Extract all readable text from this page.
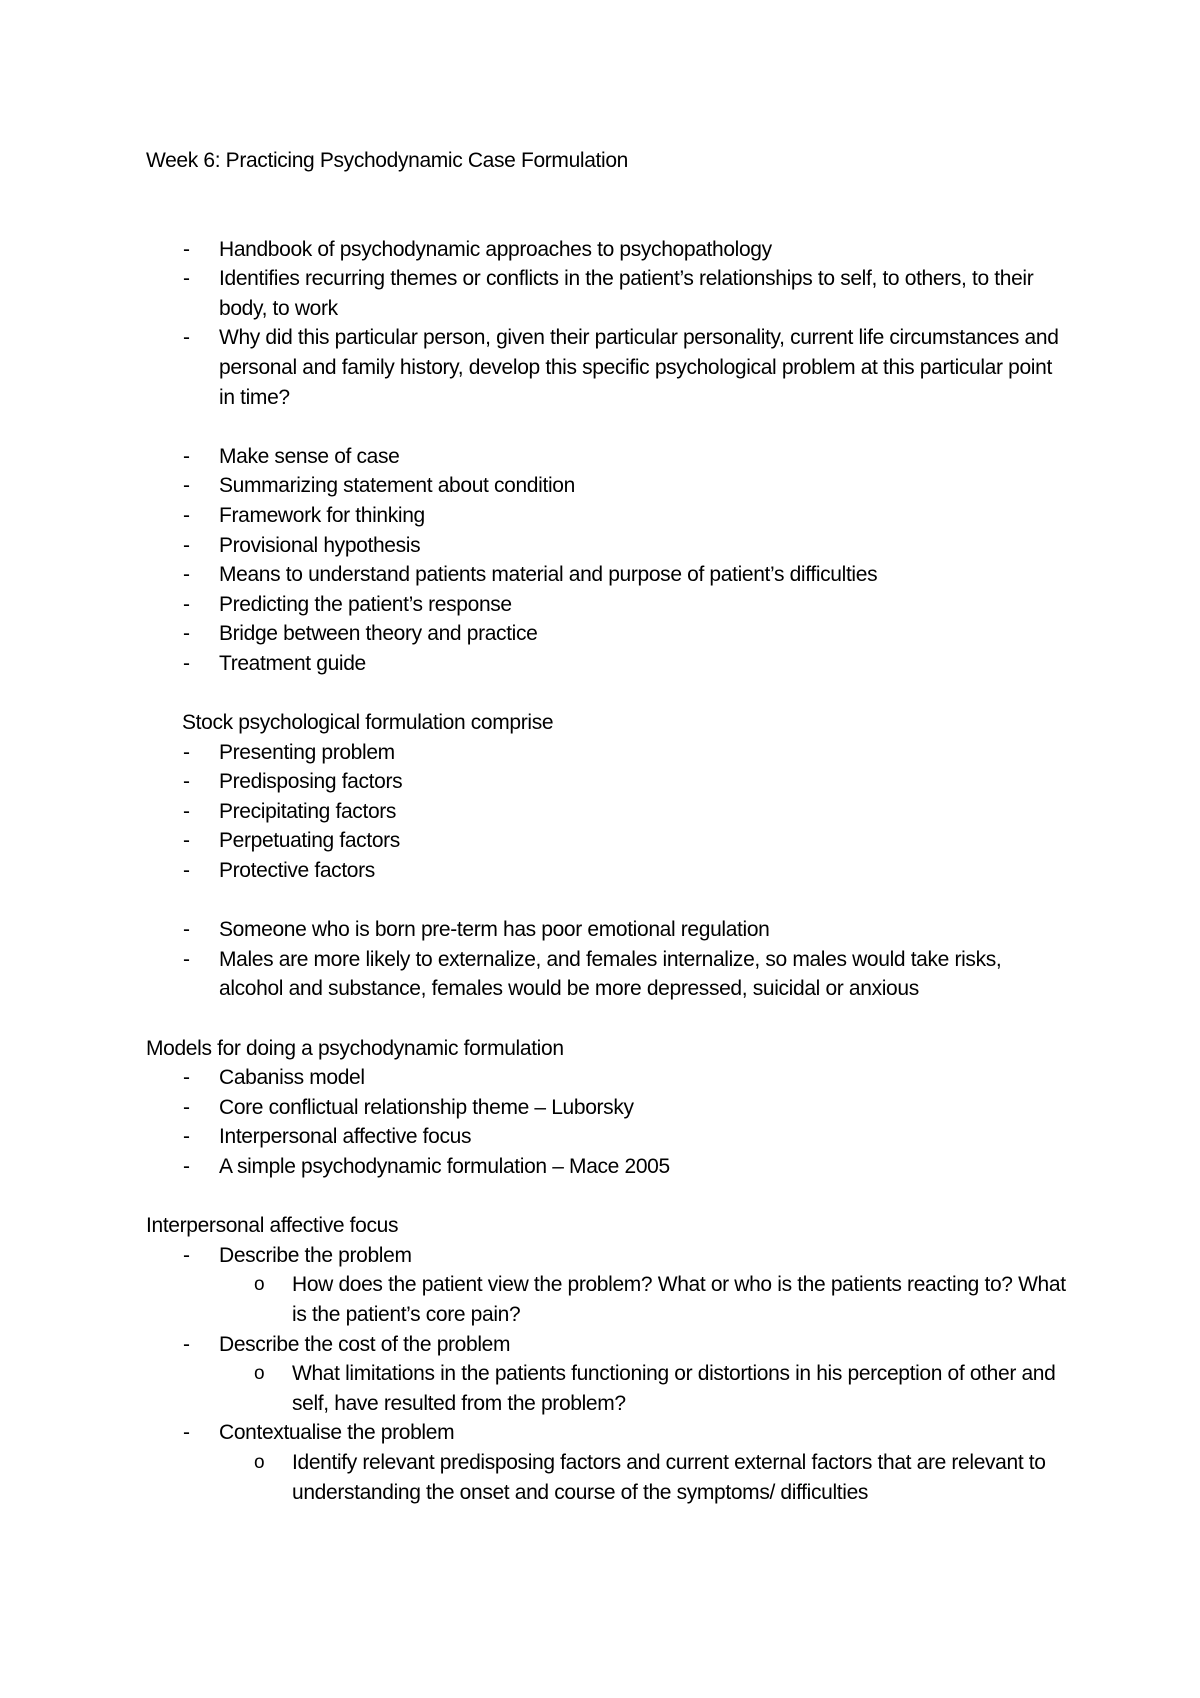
Week 6: Practicing Psychodynamic Case Formulation

- Handbook of psychodynamic approaches to psychopathology
- Identifies recurring themes or conflicts in the patient’s relationships to self, to others, to their body, to work
- Why did this particular person, given their particular personality, current life circumstances and personal and family history, develop this specific psychological problem at this particular point in time?
- Make sense of case
- Summarizing statement about condition
- Framework for thinking
- Provisional hypothesis
- Means to understand patients material and purpose of patient’s difficulties
- Predicting the patient’s response
- Bridge between theory and practice
- Treatment guide

Stock psychological formulation comprise

- Presenting problem
- Predisposing factors
- Precipitating factors
- Perpetuating factors
- Protective factors
- Someone who is born pre-term has poor emotional regulation
- Males are more likely to externalize, and females internalize, so males would take risks, alcohol and substance, females would be more depressed, suicidal or anxious

Models for doing a psychodynamic formulation

- Cabaniss model
- Core conflictual relationship theme – Luborsky
- Interpersonal affective focus
- A simple psychodynamic formulation – Mace 2005

Interpersonal affective focus

- Describe the problem
o How does the patient view the problem? What or who is the patients reacting to? What is the patient’s core pain?
- Describe the cost of the problem
o What limitations in the patients functioning or distortions in his perception of other and self, have resulted from the problem?
- Contextualise the problem
o Identify relevant predisposing factors and current external factors that are relevant to understanding the onset and course of the symptoms/ difficulties
